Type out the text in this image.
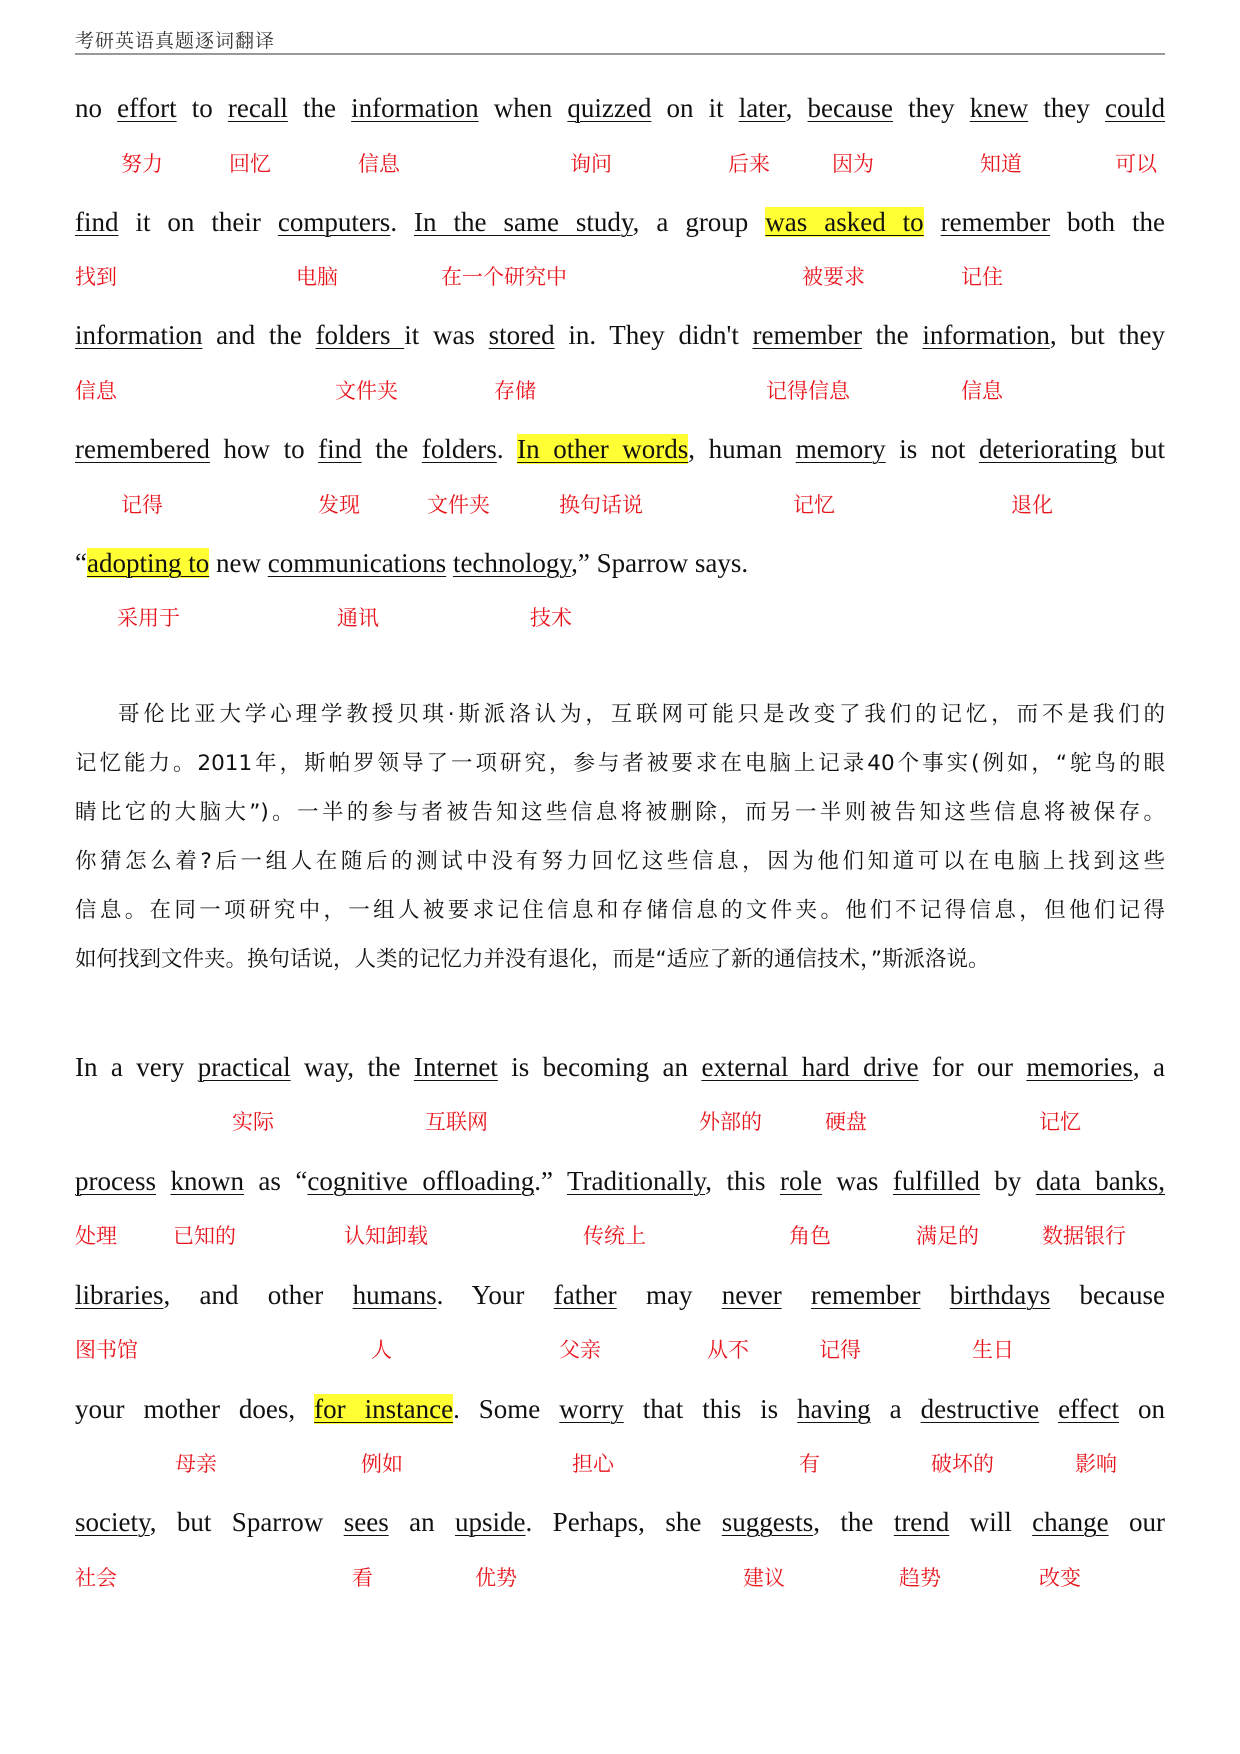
考研英语真题逐词翻译
no effort to recall the information when quizzed on it later, because they knew they could
努力	回忆	信息	询问	后来	因为	知道	可以
find it on their computers. In the same study, a group was asked to remember both the
找到	电脑	在一个研究中	被要求	记住
information and the folders it was stored in. They didn't remember the information, but they
信息	文件夹	存储	记得信息	信息
remembered how to find the folders. In other words, human memory is not deteriorating but
记得	发现	文件夹	换句话说	记忆	退化
“adopting to new communications technology,” Sparrow says.
采用于	通讯	技术
In a very practical way, the Internet is becoming an external hard drive for our memories, a
实际	互联网	外部的	硬盘	记忆
process known as “cognitive offloading.” Traditionally, this role was fulfilled by data banks,
处理	已知的	认知卸载	传统上	角色	满足的	数据银行
libraries, and other humans. Your father may never remember birthdays because
图书馆	人	父亲	从不	记得	生日
your mother does, for instance. Some worry that this is having a destructive effect on
母亲	例如	担心	有	破坏的	影响
society, but Sparrow sees an upside. Perhaps, she suggests, the trend will change our
社会	看	优势	建议	趋势	改变
哥伦比亚大学心理学教授贝琪·斯派洛认为，互联网可能只是改变了我们的记忆，而不是我们的
记忆能力。2011年，斯帕罗领导了一项研究，参与者被要求在电脑上记录40个事实(例如，“鸵鸟的眼
睛比它的大脑大”)。一半的参与者被告知这些信息将被删除，而另一半则被告知这些信息将被保存。
你猜怎么着?后一组人在随后的测试中没有努力回忆这些信息，因为他们知道可以在电脑上找到这些
信息。在同一项研究中，一组人被要求记住信息和存储信息的文件夹。他们不记得信息，但他们记得
如何找到文件夹。换句话说，人类的记忆力并没有退化，而是“适应了新的通信技术，”斯派洛说。
